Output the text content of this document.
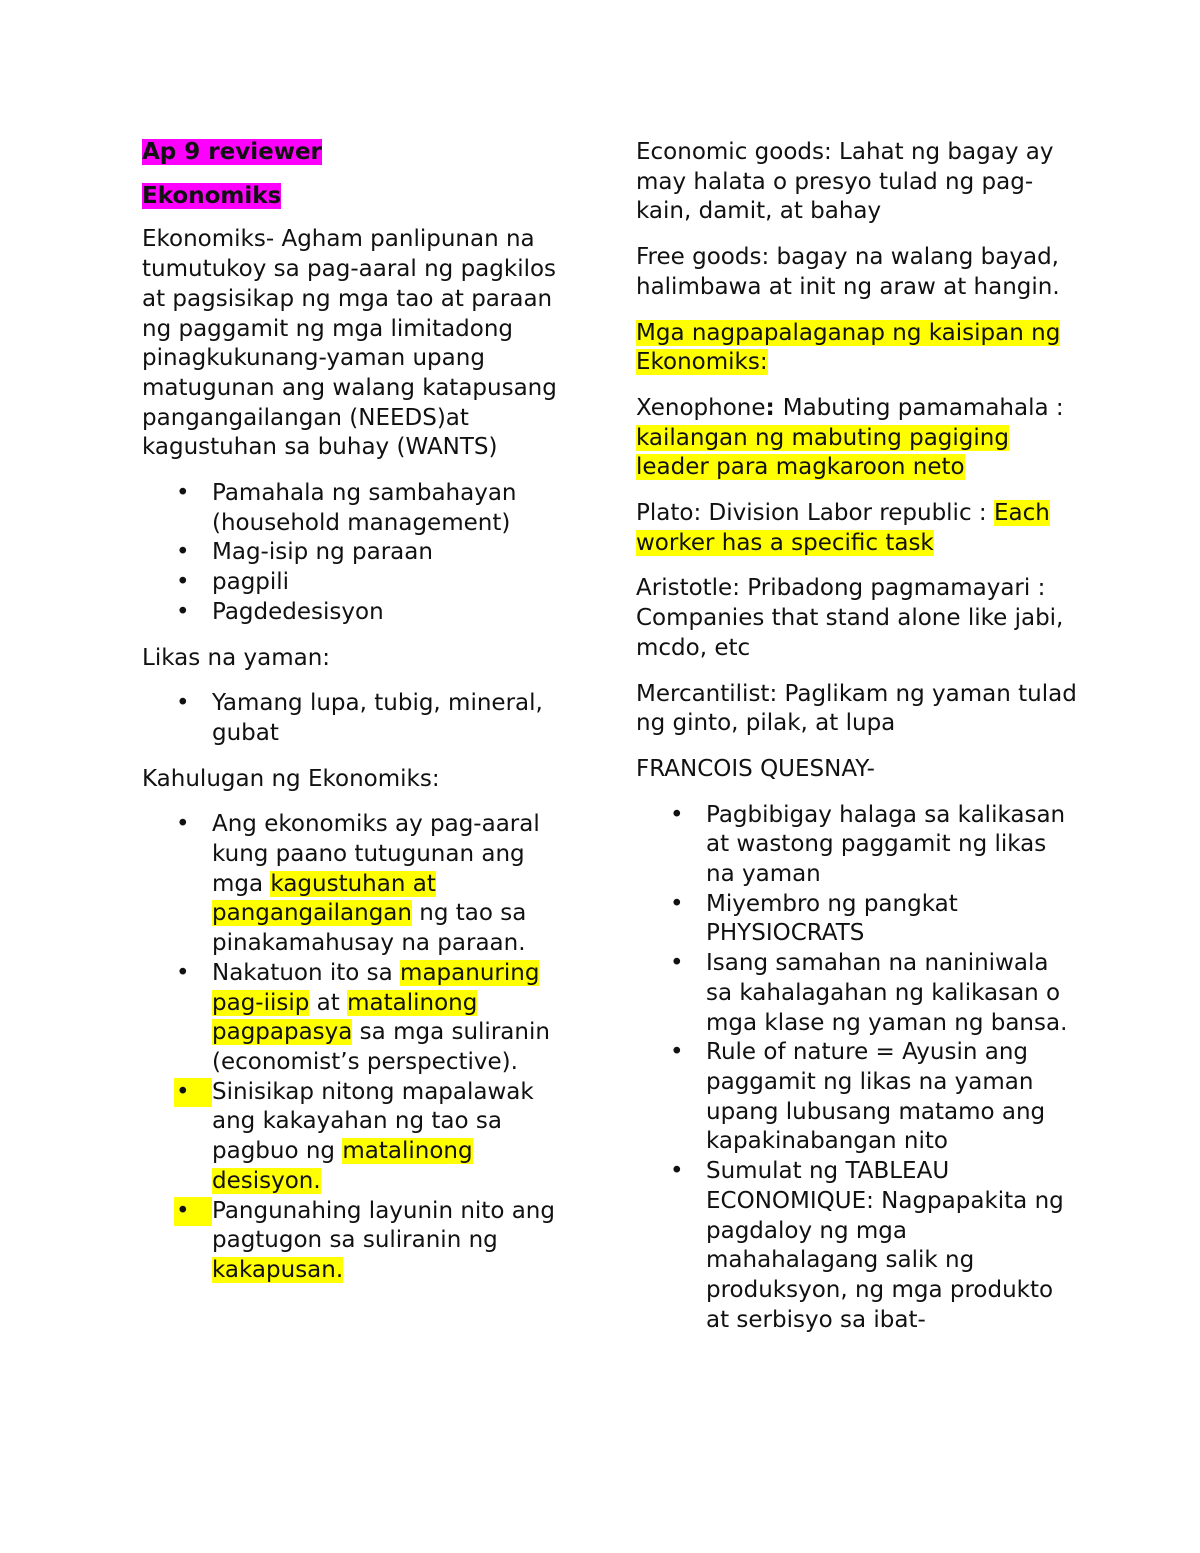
Ap 9 reviewer

Ekonomiks

Ekonomiks- Agham panlipunan na tumutukoy sa pag-aaral ng pagkilos at pagsisikap ng mga tao at paraan ng paggamit ng mga limitadong pinagkukunang-yaman upang matugunan ang walang katapusang pangangailangan (NEEDS)at kagustuhan sa buhay (WANTS)

• Pamahala ng sambahayan (household management)
• Mag-isip ng paraan
• pagpili
• Pagdedesisyon

Likas na yaman:

• Yamang lupa, tubig, mineral, gubat

Kahulugan ng Ekonomiks:

• Ang ekonomiks ay pag-aaral kung paano tutugunan ang mga kagustuhan at pangangailangan ng tao sa pinakamahusay na paraan.
• Nakatuon ito sa mapanuring pag-iisip at matalinong pagpapasya sa mga suliranin (economist’s perspective).
• Sinisikap nitong mapalawak ang kakayahan ng tao sa pagbuo ng matalinong desisyon.
• Pangunahing layunin nito ang pagtugon sa suliranin ng kakapusan.

Economic goods: Lahat ng bagay ay may halata o presyo tulad ng pag-kain, damit, at bahay

Free goods: bagay na walang bayad, halimbawa at init ng araw at hangin.

Mga nagpapalaganap ng kaisipan ng Ekonomiks:

Xenophone: Mabuting pamamahala : kailangan ng mabuting pagiging leader para magkaroon neto

Plato: Division Labor republic : Each worker has a specific task

Aristotle: Pribadong pagmamayari : Companies that stand alone like jabi, mcdo, etc

Mercantilist: Paglikam ng yaman tulad ng ginto, pilak, at lupa

FRANCOIS QUESNAY-

• Pagbibigay halaga sa kalikasan at wastong paggamit ng likas na yaman
• Miyembro ng pangkat PHYSIOCRATS
• Isang samahan na naniniwala sa kahalagahan ng kalikasan o mga klase ng yaman ng bansa.
• Rule of nature = Ayusin ang paggamit ng likas na yaman upang lubusang matamo ang kapakinabangan nito
• Sumulat ng TABLEAU ECONOMIQUE: Nagpapakita ng pagdaloy ng mga mahahalagang salik ng produksyon, ng mga produkto at serbisyo sa ibat-
